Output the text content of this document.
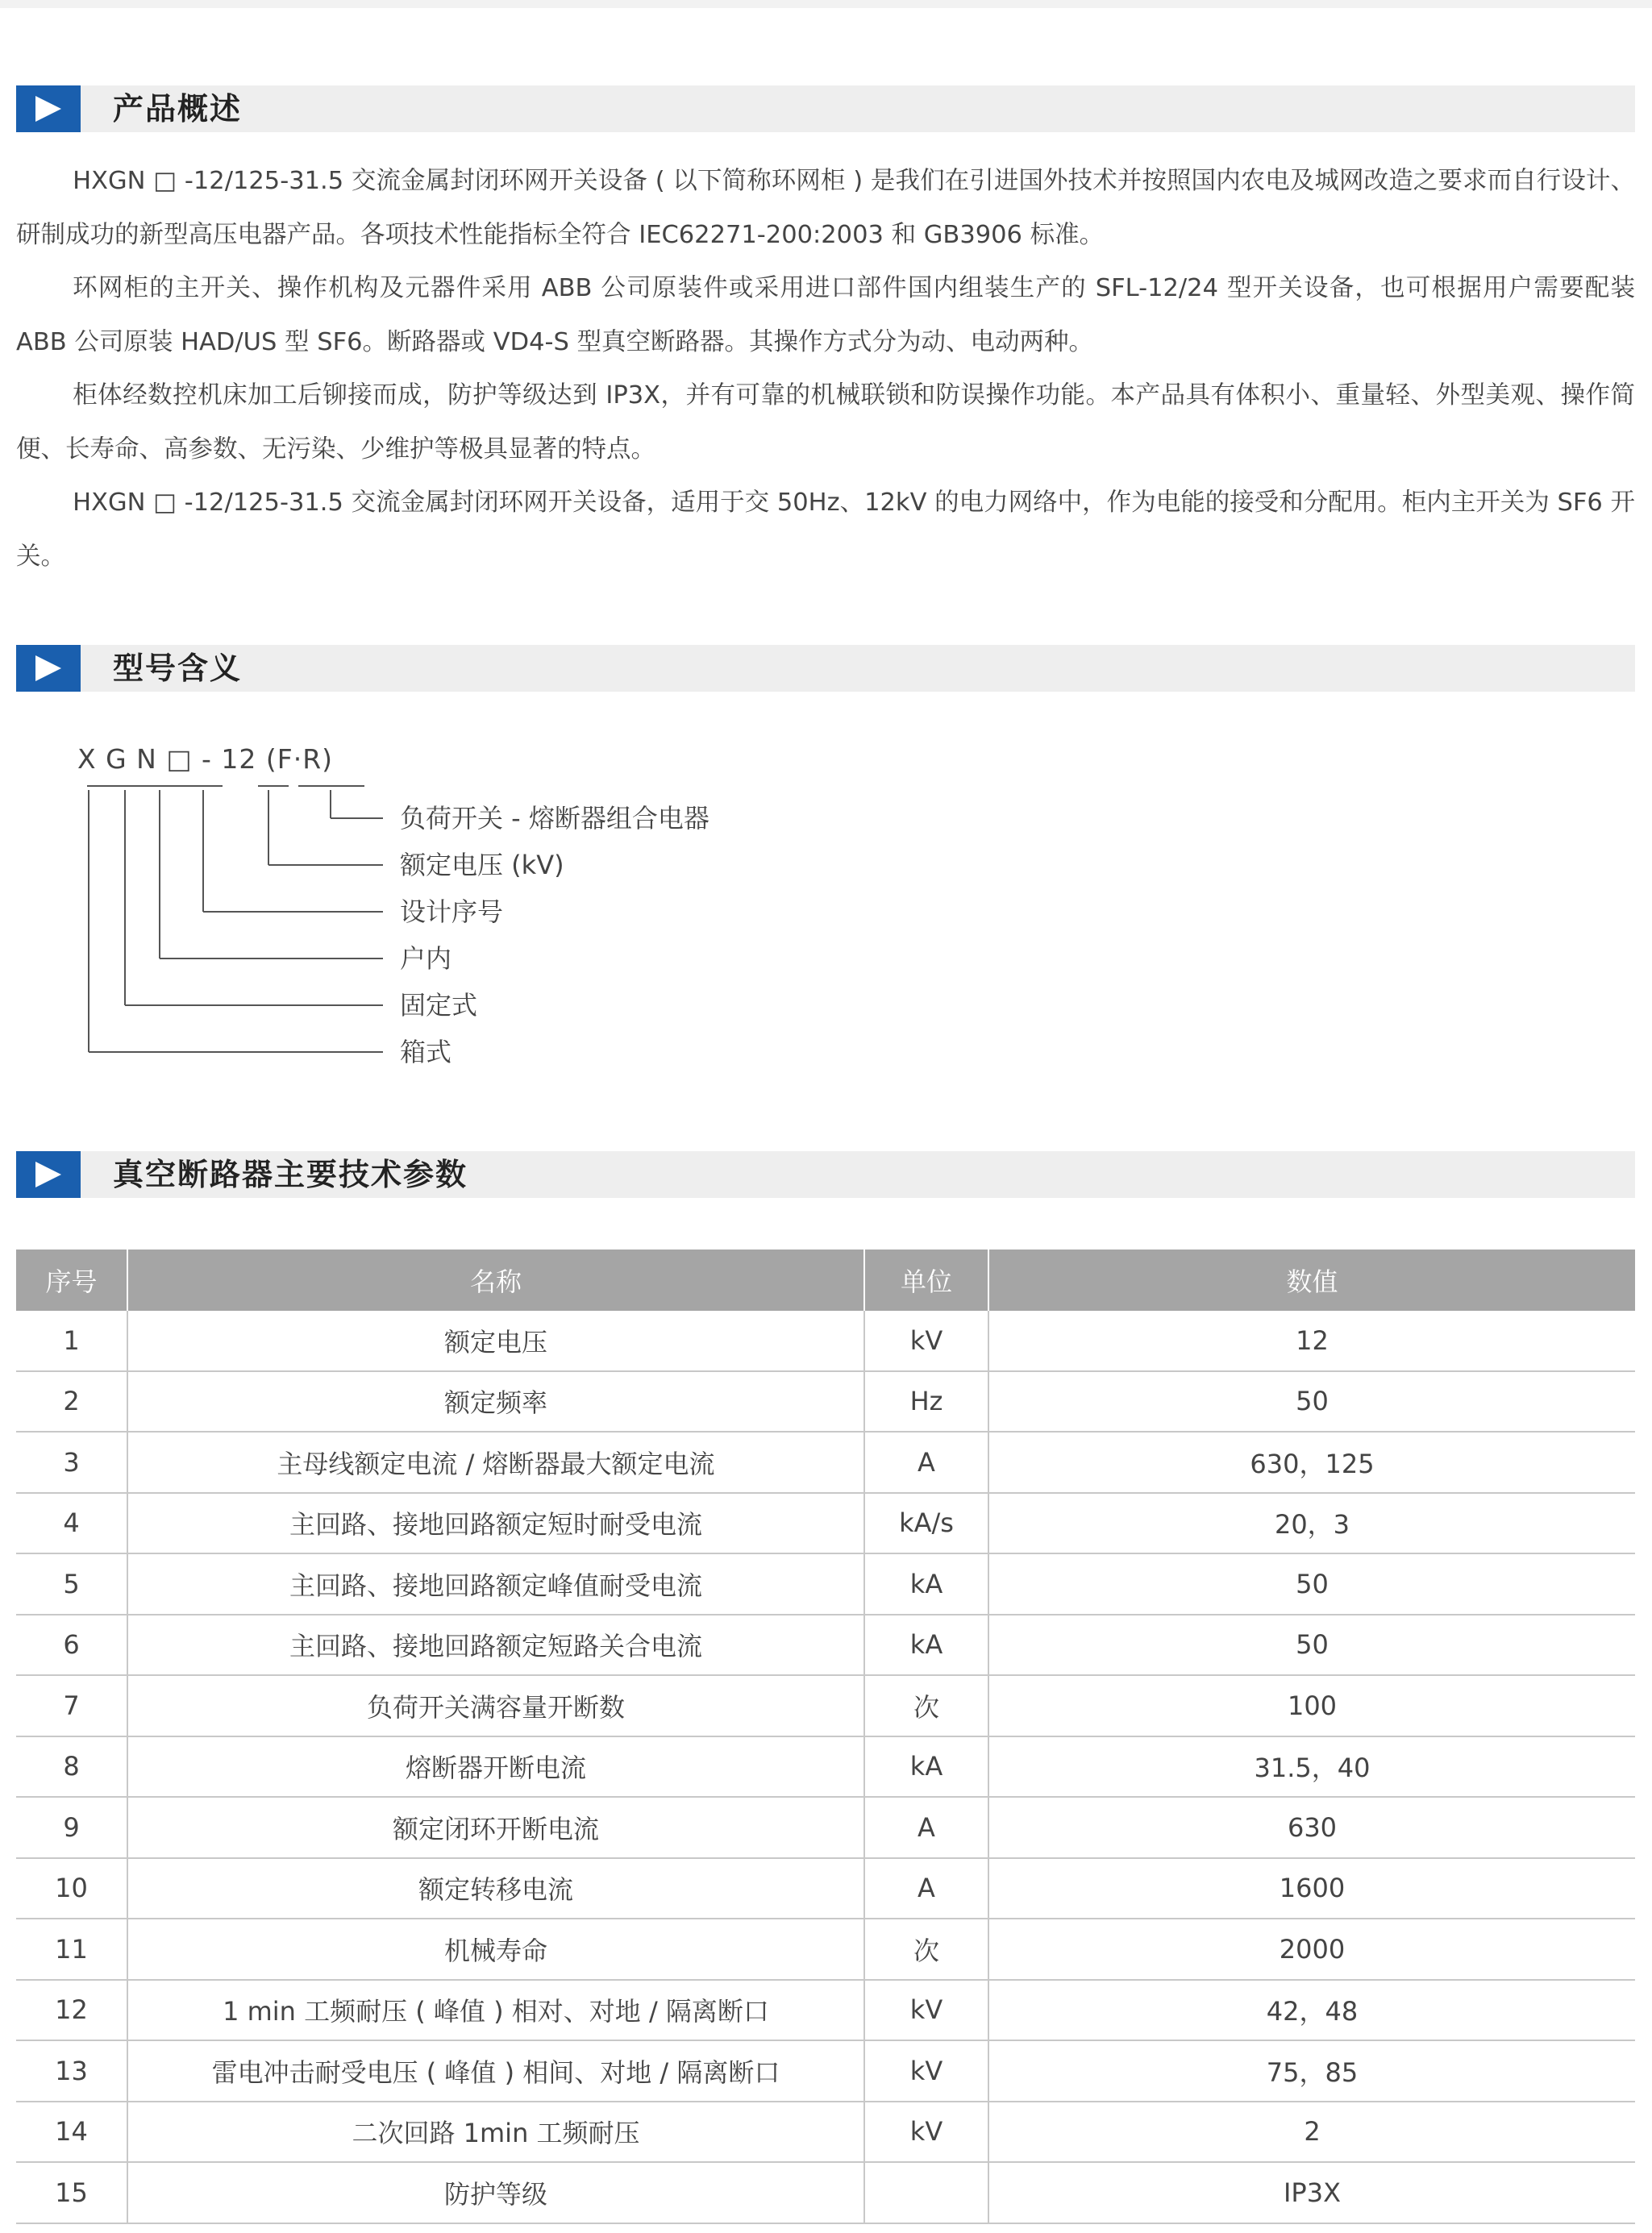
产品概述

HXGN □ -12/125-31.5 交流金属封闭环网开关设备 ( 以下简称环网柜 ) 是我们在引进国外技术并按照国内农电及城网改造之要求而自行设计、研制成功的新型高压电器产品。各项技术性能指标全符合 IEC62271-200:2003 和 GB3906 标准。

环网柜的主开关、操作机构及元器件采用 ABB 公司原装件或采用进口部件国内组装生产的 SFL-12/24 型开关设备，也可根据用户需要配装 ABB 公司原装 HAD/US 型 SF6。断路器或 VD4-S 型真空断路器。其操作方式分为动、电动两种。

柜体经数控机床加工后铆接而成，防护等级达到 IP3X，并有可靠的机械联锁和防误操作功能。本产品具有体积小、重量轻、外型美观、操作简便、长寿命、高参数、无污染、少维护等极具显著的特点。

HXGN □ -12/125-31.5 交流金属封闭环网开关设备，适用于交 50Hz、12kV 的电力网络中，作为电能的接受和分配用。柜内主开关为 SF6 开关。

型号含义
X G N □ - 12 (F·R)
负荷开关 - 熔断器组合电器
额定电压 (kV)
设计序号
户内
固定式
箱式
真空断路器主要技术参数
序号	名称	单位	数值
1	额定电压	kV	12
2	额定频率	Hz	50
3	主母线额定电流 / 熔断器最大额定电流	A	630，125
4	主回路、接地回路额定短时耐受电流	kA/s	20，3
5	主回路、接地回路额定峰值耐受电流	kA	50
6	主回路、接地回路额定短路关合电流	kA	50
7	负荷开关满容量开断数	次	100
8	熔断器开断电流	kA	31.5，40
9	额定闭环开断电流	A	630
10	额定转移电流	A	1600
11	机械寿命	次	2000
12	1 min 工频耐压 ( 峰值 ) 相对、对地 / 隔离断口	kV	42，48
13	雷电冲击耐受电压 ( 峰值 ) 相间、对地 / 隔离断口	kV	75，85
14	二次回路 1min 工频耐压	kV	2
15	防护等级		IP3X
